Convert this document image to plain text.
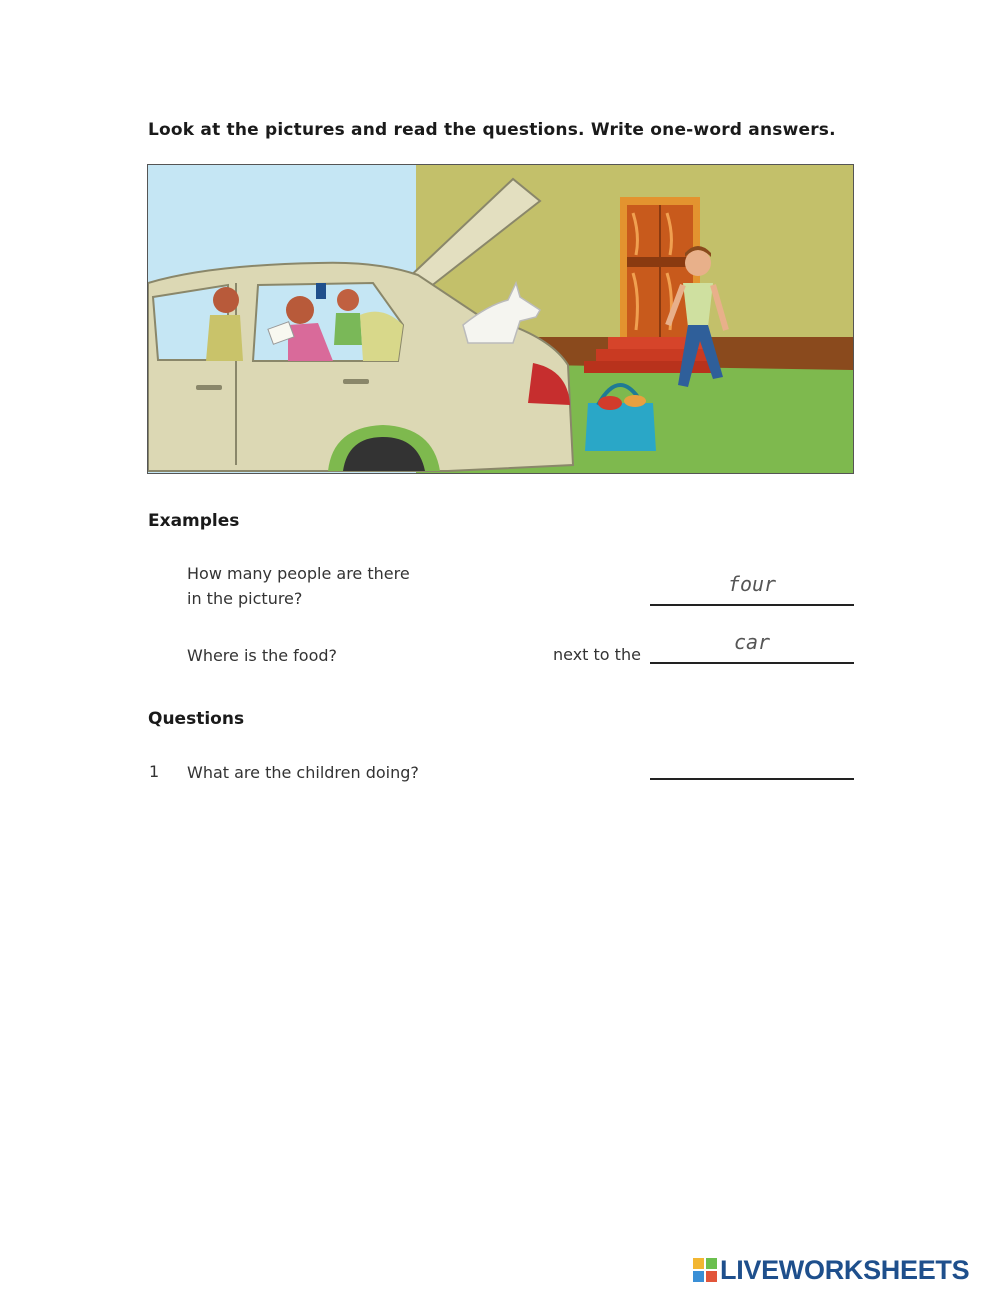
Look at the pictures and read the questions. Write one-word answers.
Examples
How many people are there
in the picture?
four
Where is the food?	next to the
car
Questions
1 What are the children doing?
LIVEWORKSHEETS
